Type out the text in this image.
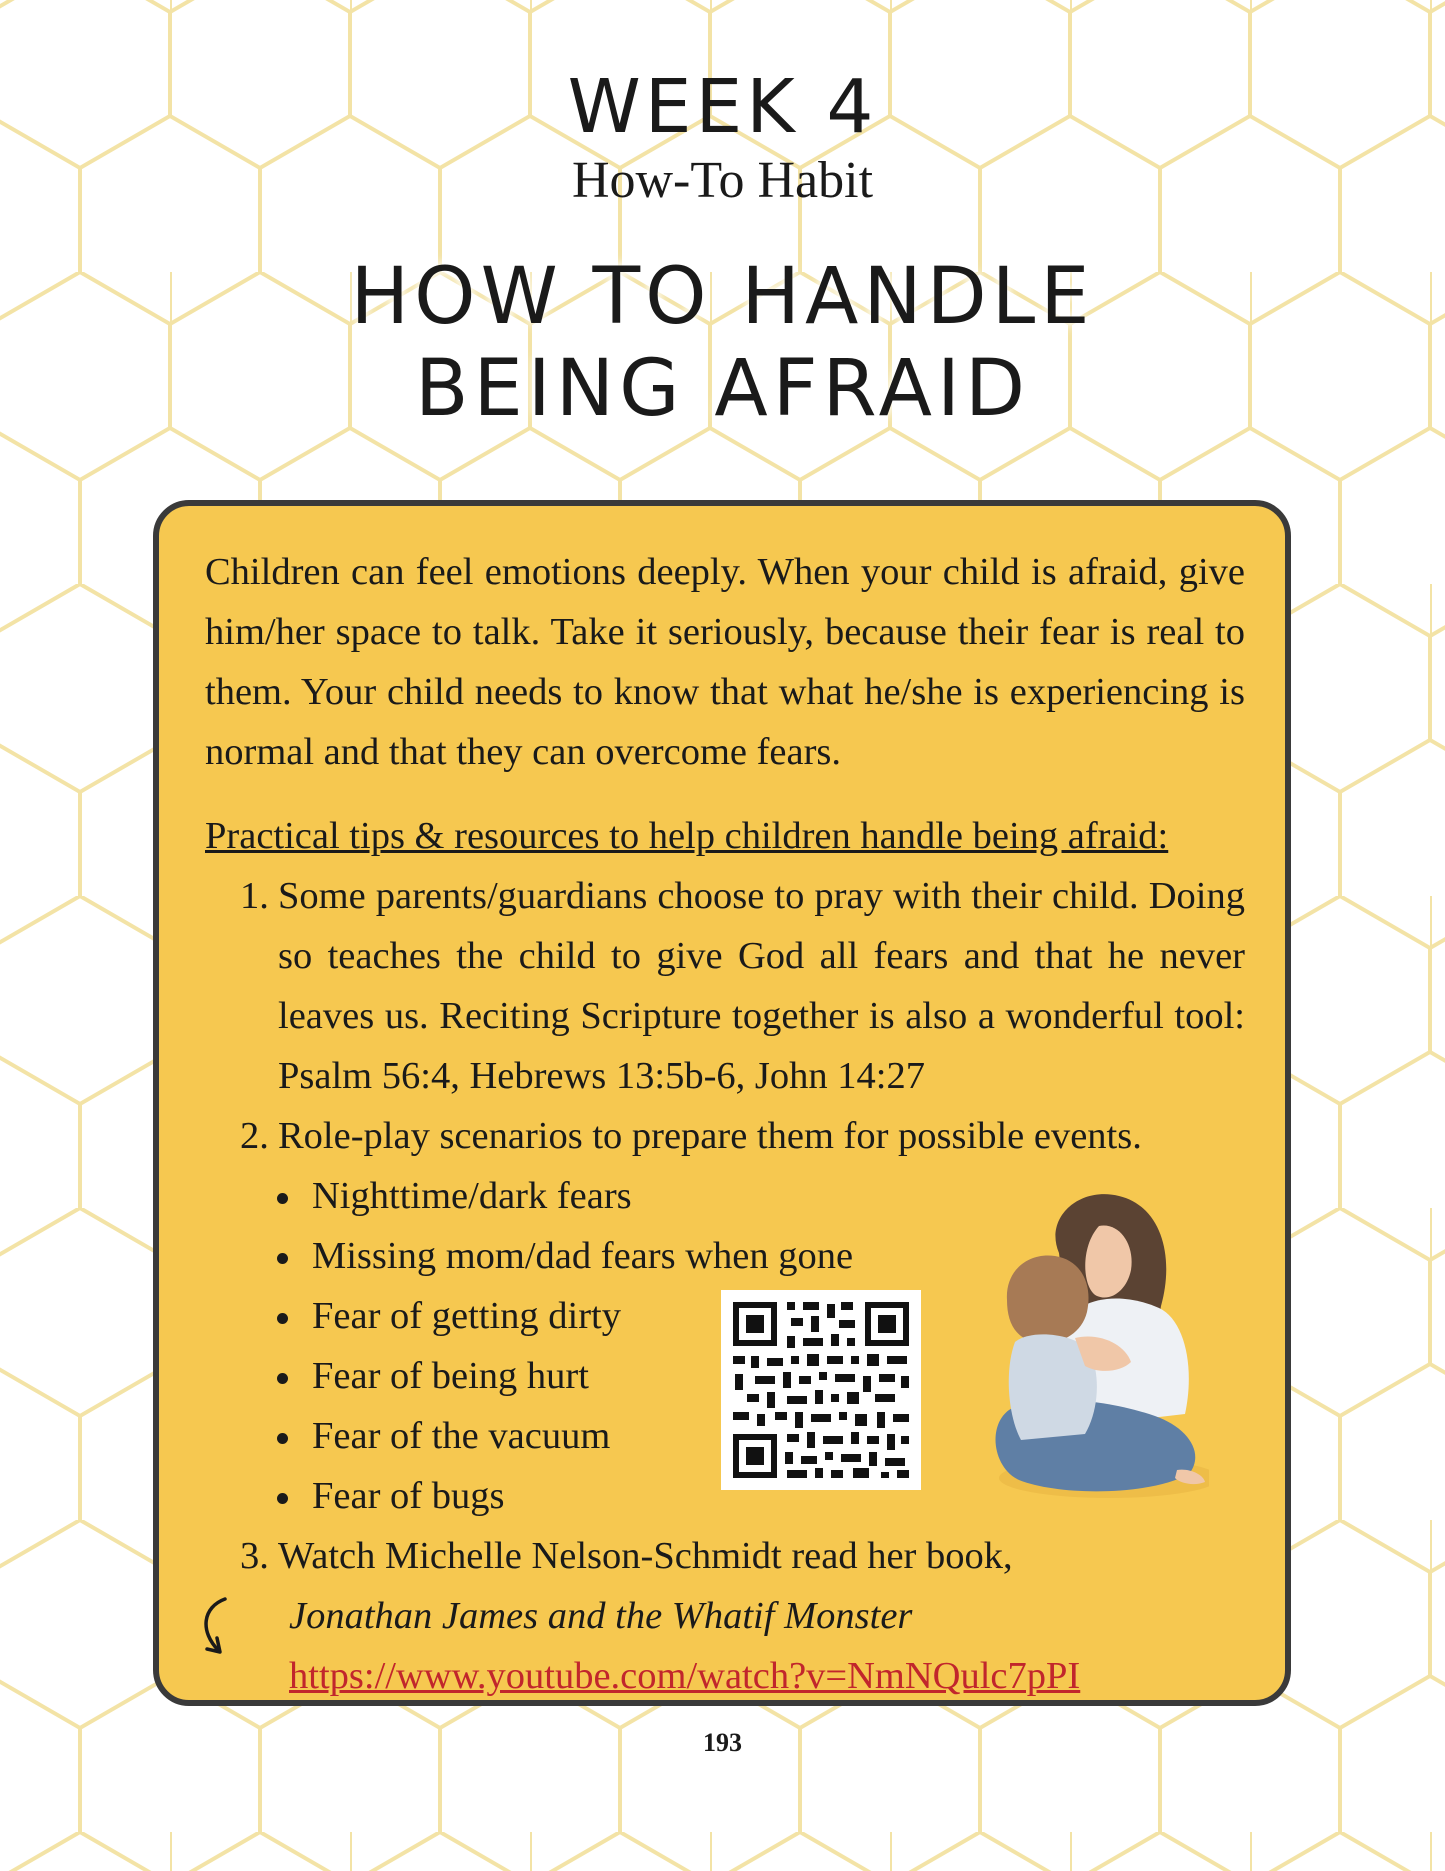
WEEK 4
How-To Habit
HOW TO HANDLE
BEING AFRAID

Children can feel emotions deeply. When your child is afraid, give him/her space to talk. Take it seriously, because their fear is real to them. Your child needs to know that what he/she is experiencing is normal and that they can overcome fears.

Practical tips & resources to help children handle being afraid:
1. Some parents/guardians choose to pray with their child. Doing so teaches the child to give God all fears and that he never leaves us. Reciting Scripture together is also a wonderful tool: Psalm 56:4, Hebrews 13:5b-6, John 14:27
2. Role-play scenarios to prepare them for possible events.
Nighttime/dark fears
Missing mom/dad fears when gone
Fear of getting dirty
Fear of being hurt
Fear of the vacuum
Fear of bugs
3. Watch Michelle Nelson-Schmidt read her book,
Jonathan James and the Whatif Monster
https://www.youtube.com/watch?v=NmNQulc7pPI
193
